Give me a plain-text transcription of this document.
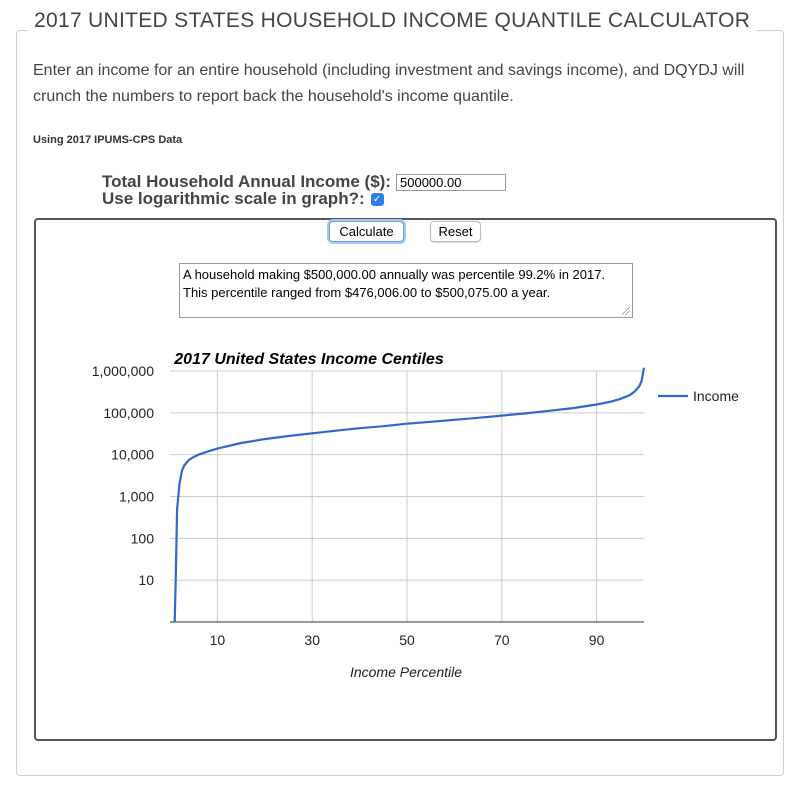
2017 UNITED STATES HOUSEHOLD INCOME QUANTILE CALCULATOR
Enter an income for an entire household (including investment and savings income), and DQYDJ will crunch the numbers to report back the household's income quantile.
Using 2017 IPUMS-CPS Data
Total Household Annual Income ($):
500000.00
Use logarithmic scale in graph?: ✓
Calculate	Reset
A household making $500,000.00 annually was percentile 99.2% in 2017. This percentile ranged from $476,006.00 to $500,075.00 a year.
2017 United States Income Centiles
10
100
1,000
10,000
100,000
1,000,000
10	30	50	70	90
Income Percentile
Income
